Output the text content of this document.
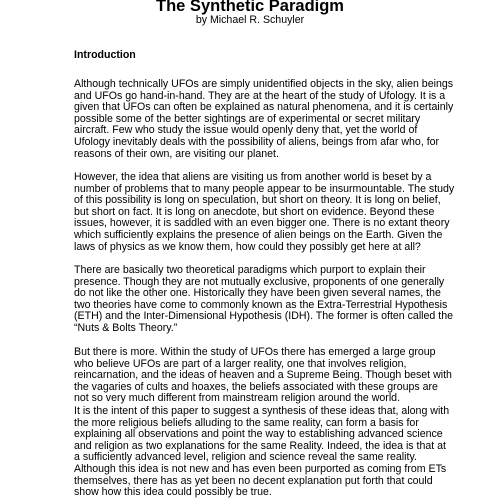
The Synthetic Paradigm

by Michael R. Schuyler

Introduction

Although technically UFOs are simply unidentified objects in the sky, alien beings
and UFOs go hand-in-hand. They are at the heart of the study of Ufology. It is a
given that UFOs can often be explained as natural phenomena, and it is certainly
possible some of the better sightings are of experimental or secret military
aircraft. Few who study the issue would openly deny that, yet the world of
Ufology inevitably deals with the possibility of aliens, beings from afar who, for
reasons of their own, are visiting our planet.

However, the idea that aliens are visiting us from another world is beset by a
number of problems that to many people appear to be insurmountable. The study
of this possibility is long on speculation, but short on theory. It is long on belief,
but short on fact. It is long on anecdote, but short on evidence. Beyond these
issues, however, it is saddled with an even bigger one. There is no extant theory
which sufficiently explains the presence of alien beings on the Earth. Given the
laws of physics as we know them, how could they possibly get here at all?

There are basically two theoretical paradigms which purport to explain their
presence. Though they are not mutually exclusive, proponents of one generally
do not like the other one. Historically they have been given several names, the
two theories have come to commonly known as the Extra-Terrestrial Hypothesis
(ETH) and the Inter-Dimensional Hypothesis (IDH). The former is often called the
“Nuts & Bolts Theory.”

But there is more. Within the study of UFOs there has emerged a large group
who believe UFOs are part of a larger reality, one that involves religion,
reincarnation, and the ideas of heaven and a Supreme Being. Though beset with
the vagaries of cults and hoaxes, the beliefs associated with these groups are
not so very much different from mainstream religion around the world.

It is the intent of this paper to suggest a synthesis of these ideas that, along with
the more religious beliefs alluding to the same reality, can form a basis for
explaining all observations and point the way to establishing advanced science
and religion as two explanations for the same Reality. Indeed, the idea is that at
a sufficiently advanced level, religion and science reveal the same reality.
Although this idea is not new and has even been purported as coming from ETs
themselves, there has as yet been no decent explanation put forth that could
show how this idea could possibly be true.
